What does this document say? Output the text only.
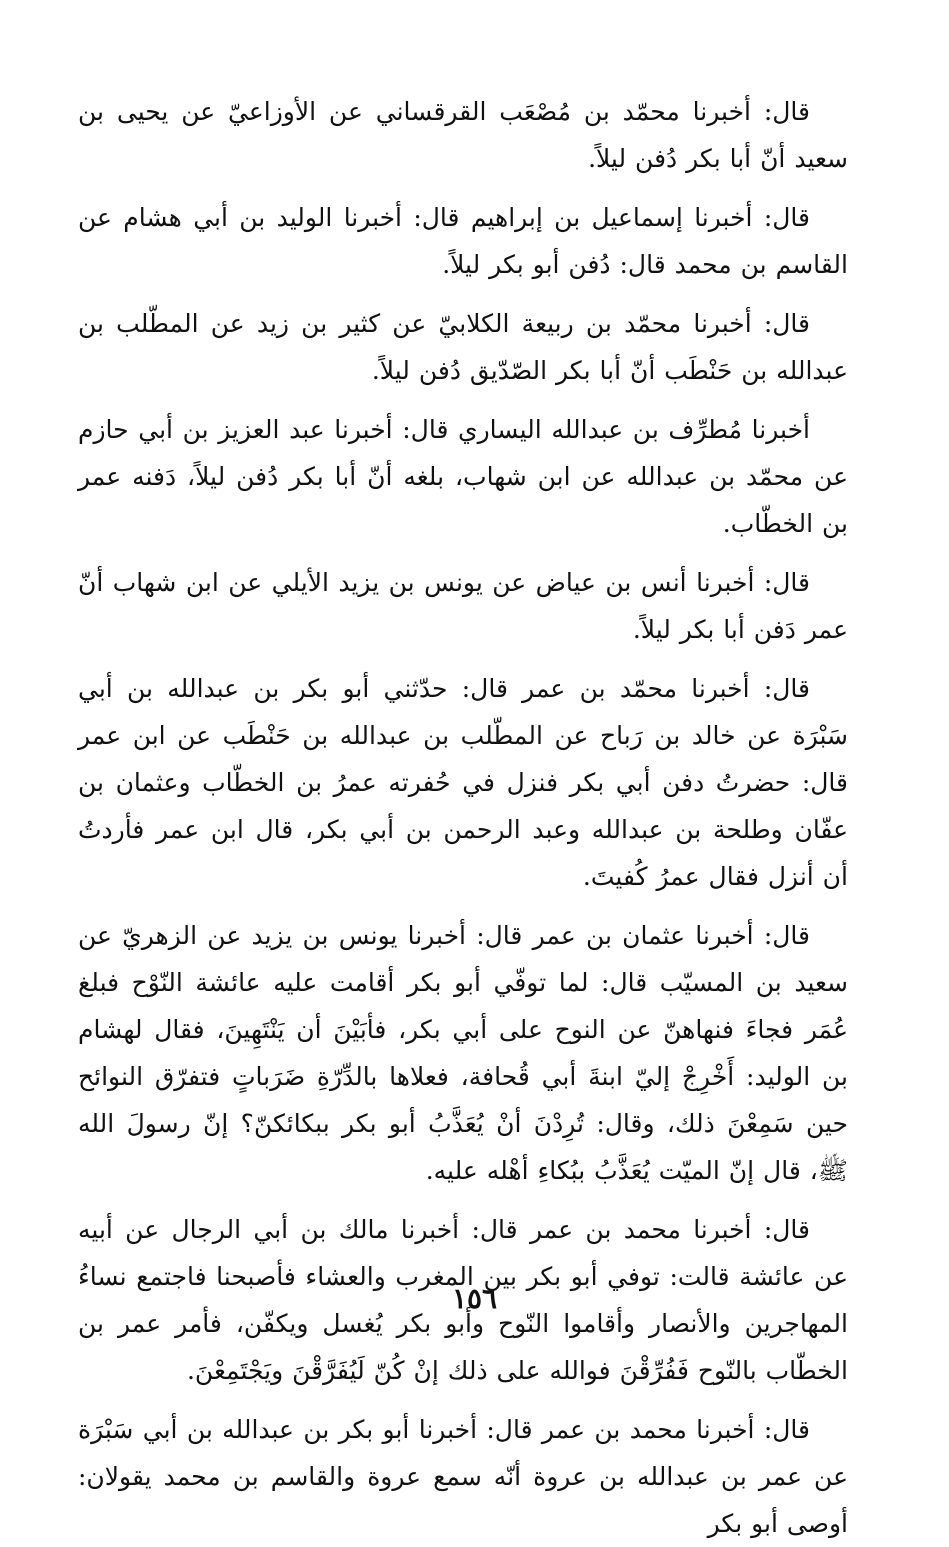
قال: أخبرنا محمّد بن مُصْعَب القرقساني عن الأوزاعيّ عن يحيى بن سعيد أنّ أبا بكر دُفن ليلاً.

قال: أخبرنا إسماعيل بن إبراهيم قال: أخبرنا الوليد بن أبي هشام عن القاسم بن محمد قال: دُفن أبو بكر ليلاً.

قال: أخبرنا محمّد بن ربيعة الكلابيّ عن كثير بن زيد عن المطّلب بن عبدالله بن حَنْطَب أنّ أبا بكر الصّدّيق دُفن ليلاً.

أخبرنا مُطرِّف بن عبدالله اليساري قال: أخبرنا عبد العزيز بن أبي حازم عن محمّد بن عبدالله عن ابن شهاب، بلغه أنّ أبا بكر دُفن ليلاً، دَفنه عمر بن الخطّاب.

قال: أخبرنا أنس بن عياض عن يونس بن يزيد الأيلي عن ابن شهاب أنّ عمر دَفن أبا بكر ليلاً.

قال: أخبرنا محمّد بن عمر قال: حدّثني أبو بكر بن عبدالله بن أبي سَبْرَة عن خالد بن رَباح عن المطّلب بن عبدالله بن حَنْطَب عن ابن عمر قال: حضرتُ دفن أبي بكر فنزل في حُفرته عمرُ بن الخطّاب وعثمان بن عفّان وطلحة بن عبدالله وعبد الرحمن بن أبي بكر، قال ابن عمر فأردتُ أن أنزل فقال عمرُ كُفيتَ.

قال: أخبرنا عثمان بن عمر قال: أخبرنا يونس بن يزيد عن الزهريّ عن سعيد بن المسيّب قال: لما توفّي أبو بكر أقامت عليه عائشة النّوْح فبلغ عُمَر فجاءَ فنهاهنّ عن النوح على أبي بكر، فأبَيْنَ أن يَنْتَهِينَ، فقال لهشام بن الوليد: أَخْرِجْ إليّ ابنةَ أبي قُحافة، فعلاها بالدِّرّةِ ضَرَباتٍ فتفرّق النوائح حين سَمِعْنَ ذلك، وقال: تُرِدْنَ أنْ يُعَذَّبُ أبو بكر ببكائكنّ؟ إنّ رسولَ الله ﷺ، قال إنّ الميّت يُعَذَّبُ ببُكاءِ أهْله عليه.

قال: أخبرنا محمد بن عمر قال: أخبرنا مالك بن أبي الرجال عن أبيه عن عائشة قالت: توفي أبو بكر بين المغرب والعشاء فأصبحنا فاجتمع نساءُ المهاجرين والأنصار وأقاموا النّوح وأبو بكر يُغسل ويكفّن، فأمر عمر بن الخطّاب بالنّوح فَفُرِّقْنَ فوالله على ذلك إنْ كُنّ لَيُفَرَّقْنَ ويَجْتَمِعْنَ.

قال: أخبرنا محمد بن عمر قال: أخبرنا أبو بكر بن عبدالله بن أبي سَبْرَة عن عمر بن عبدالله بن عروة أنّه سمع عروة والقاسم بن محمد يقولان: أوصى أبو بكر

١٥٦
